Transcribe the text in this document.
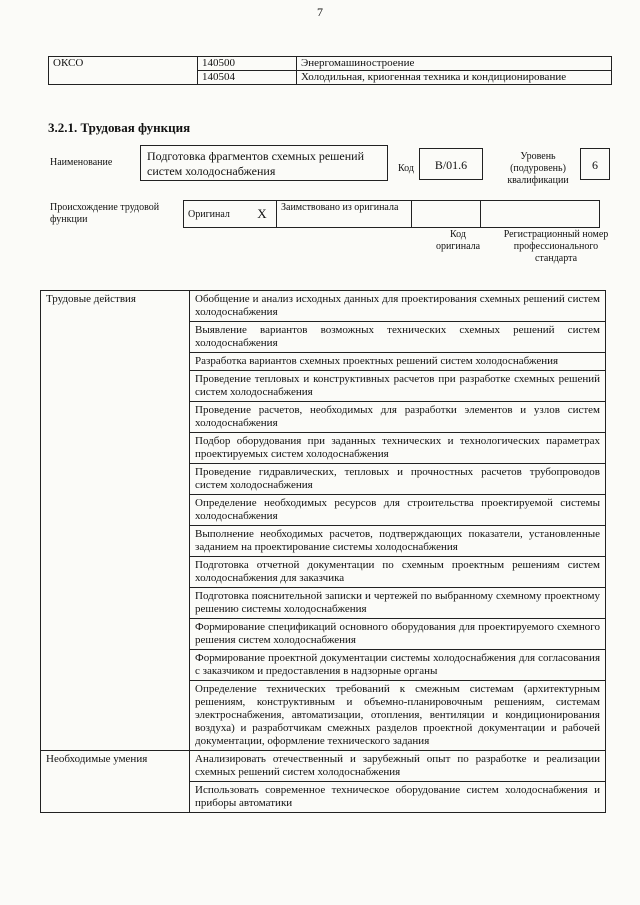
7
ОКСО	140500	Энергомашиностроение
	140504	Холодильная, криогенная техника и кондиционирование
3.2.1. Трудовая функция
Наименование	Подготовка фрагментов схемных решений систем холодоснабжения	Код	B/01.6
Уровень (подуровень) квалификации
6
Происхождение трудовой функции	Оригинал	X	Заимствовано из оригинала		
Код оригинала
Регистрационный номер профессионального стандарта
Трудовые действия	Обобщение и анализ исходных данных для проектирования схемных решений систем холодоснабжения
	Выявление вариантов возможных технических схемных решений систем холодоснабжения
	Разработка вариантов схемных проектных решений систем холодоснабжения
	Проведение тепловых и конструктивных расчетов при разработке схемных решений систем холодоснабжения
	Проведение расчетов, необходимых для разработки элементов и узлов систем холодоснабжения
	Подбор оборудования при заданных технических и технологических параметрах проектируемых систем холодоснабжения
	Проведение гидравлических, тепловых и прочностных расчетов трубопроводов систем холодоснабжения
	Определение необходимых ресурсов для строительства проектируемой системы холодоснабжения
	Выполнение необходимых расчетов, подтверждающих показатели, установленные заданием на проектирование системы холодоснабжения
	Подготовка отчетной документации по схемным проектным решениям систем холодоснабжения для заказчика
	Подготовка пояснительной записки и чертежей по выбранному схемному проектному решению системы холодоснабжения
	Формирование спецификаций основного оборудования для проектируемого схемного решения систем холодоснабжения
	Формирование проектной документации системы холодоснабжения для согласования с заказчиком и предоставления в надзорные органы
	Определение технических требований к смежным системам (архитектурным решениям, конструктивным и объемно-планировочным решениям, системам электроснабжения, автоматизации, отопления, вентиляции и кондиционирования воздуха) и разработчикам смежных разделов проектной документации и рабочей документации, оформление технического задания
Необходимые умения	Анализировать отечественный и зарубежный опыт по разработке и реализации схемных решений систем холодоснабжения
	Использовать современное техническое оборудование систем холодоснабжения и приборы автоматики
